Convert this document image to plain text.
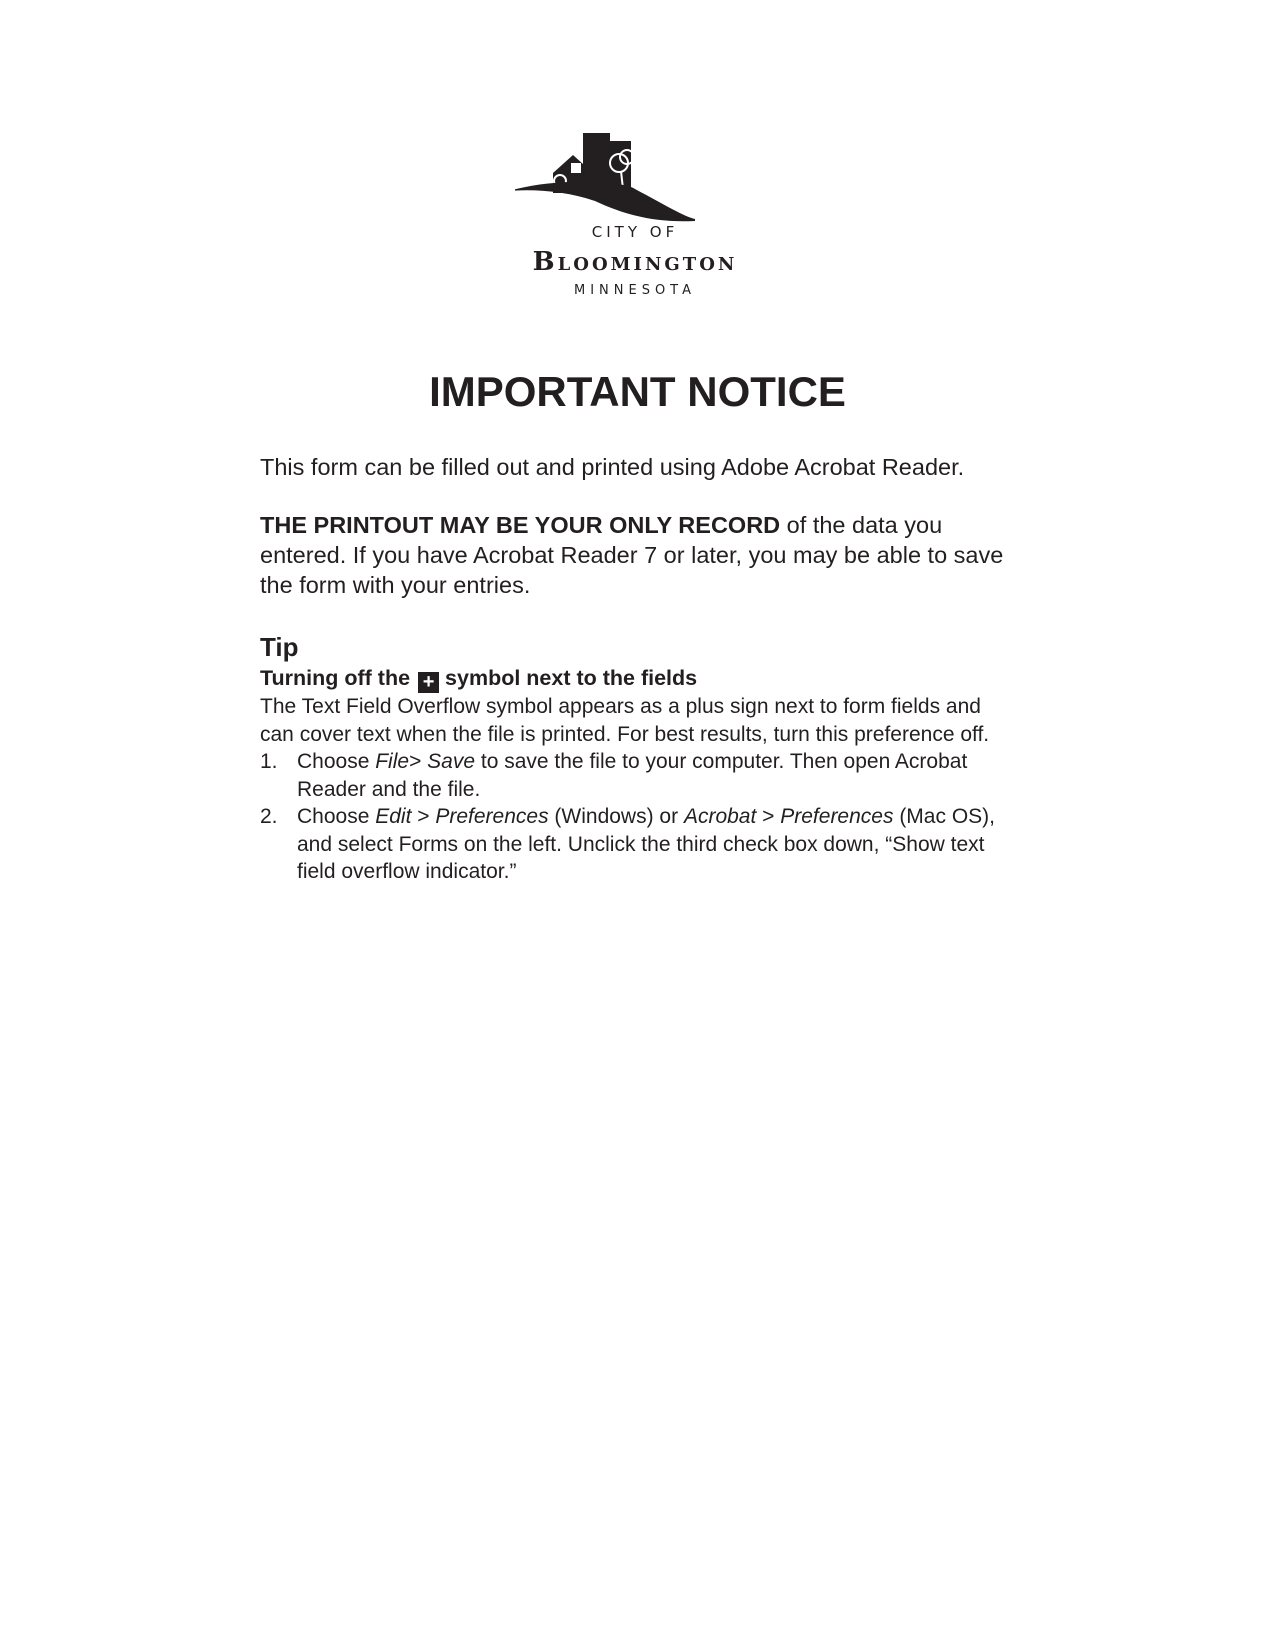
CITY OF
Bloomington
MINNESOTA
IMPORTANT NOTICE

This form can be filled out and printed using Adobe Acrobat Reader.

THE PRINTOUT MAY BE YOUR ONLY RECORD of the data you entered. If you have Acrobat Reader 7 or later, you may be able to save the form with your entries.

Tip

Turning off the + symbol next to the fields

The Text Field Overflow symbol appears as a plus sign next to form fields and can cover text when the file is printed. For best results, turn this preference off.

1. Choose File> Save to save the file to your computer. Then open Acrobat Reader and the file.
2. Choose Edit > Preferences (Windows) or Acrobat > Preferences (Mac OS), and select Forms on the left. Unclick the third check box down, “Show text field overflow indicator.”
